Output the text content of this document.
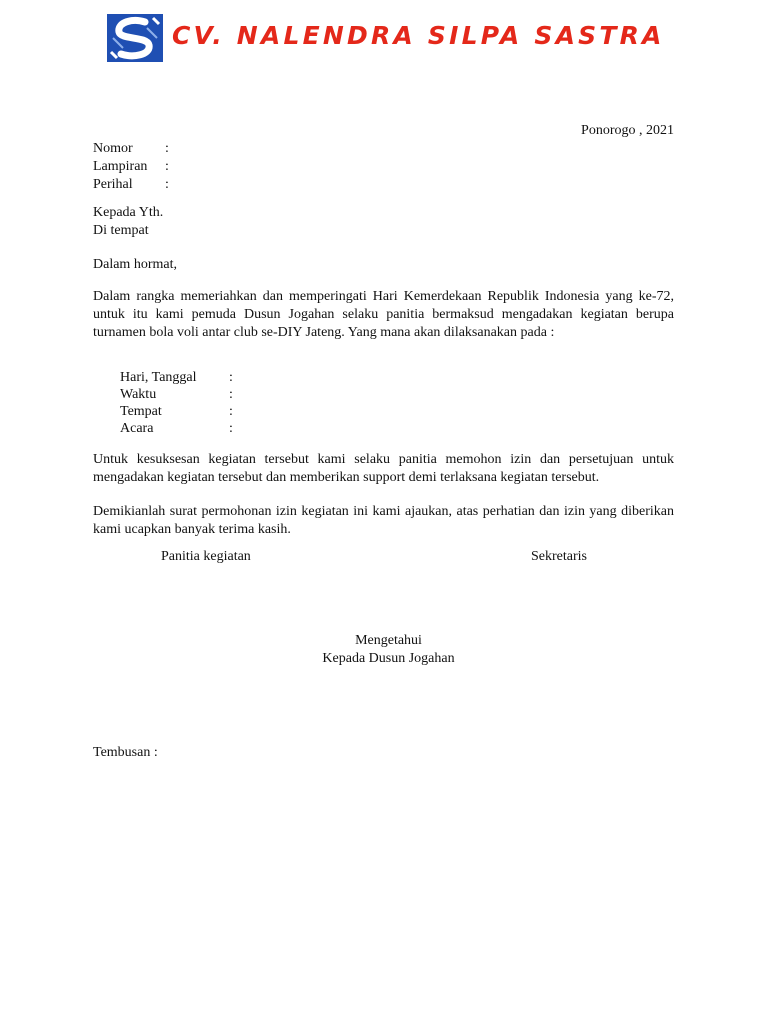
CV. NALENDRA SILPA SASTRA
Ponorogo , 2021
Nomor :
Lampiran :
Perihal :
Kepada Yth.
Di tempat
Dalam hormat,

Dalam rangka memeriahkan dan memperingati Hari Kemerdekaan Republik Indonesia yang ke-72, untuk itu kami pemuda Dusun Jogahan selaku panitia bermaksud mengadakan kegiatan berupa turnamen bola voli antar club se-DIY Jateng. Yang mana akan dilaksanakan pada :

Hari, Tanggal :
Waktu	:
Tempat	:
Acara	:

Untuk kesuksesan kegiatan tersebut kami selaku panitia memohon izin dan persetujuan untuk mengadakan kegiatan tersebut dan memberikan support demi terlaksana kegiatan tersebut.

Demikianlah surat permohonan izin kegiatan ini kami ajaukan, atas perhatian dan izin yang diberikan kami ucapkan banyak terima kasih.

Panitia kegiatan	Sekretaris
Mengetahui
Kepada Dusun Jogahan
Tembusan :
